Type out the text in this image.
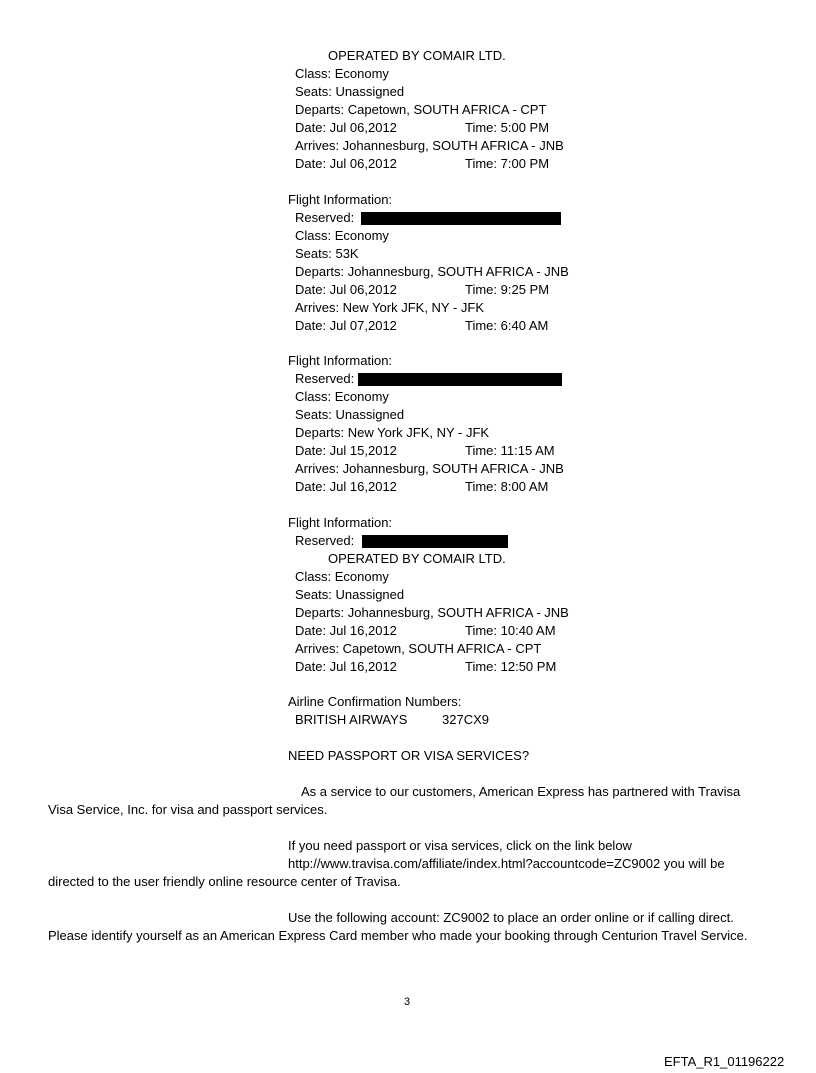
OPERATED BY COMAIR LTD.
Class: Economy
Seats: Unassigned
Departs: Capetown, SOUTH AFRICA - CPT
Date: Jul 06,2012	Time: 5:00 PM
Arrives: Johannesburg, SOUTH AFRICA - JNB
Date: Jul 06,2012	Time: 7:00 PM
Flight Information:
Reserved:
Class: Economy
Seats: 53K
Departs: Johannesburg, SOUTH AFRICA - JNB
Date: Jul 06,2012	Time: 9:25 PM
Arrives: New York JFK, NY - JFK
Date: Jul 07,2012	Time: 6:40 AM
Flight Information:
Reserved:
Class: Economy
Seats: Unassigned
Departs: New York JFK, NY - JFK
Date: Jul 15,2012	Time: 11:15 AM
Arrives: Johannesburg, SOUTH AFRICA - JNB
Date: Jul 16,2012	Time: 8:00 AM
Flight Information:
Reserved:
OPERATED BY COMAIR LTD.
Class: Economy
Seats: Unassigned
Departs: Johannesburg, SOUTH AFRICA - JNB
Date: Jul 16,2012	Time: 10:40 AM
Arrives: Capetown, SOUTH AFRICA - CPT
Date: Jul 16,2012	Time: 12:50 PM
Airline Confirmation Numbers:
BRITISH AIRWAYS	327CX9
NEED PASSPORT OR VISA SERVICES?
As a service to our customers, American Express has partnered with Travisa
Visa Service, Inc. for visa and passport services.
If you need passport or visa services, click on the link below
http://www.travisa.com/affiliate/index.html?accountcode=ZC9002 you will be
directed to the user friendly online resource center of Travisa.
Use the following account: ZC9002 to place an order online or if calling direct.
Please identify yourself as an American Express Card member who made your booking through Centurion Travel Service.
3
EFTA_R1_01196222
